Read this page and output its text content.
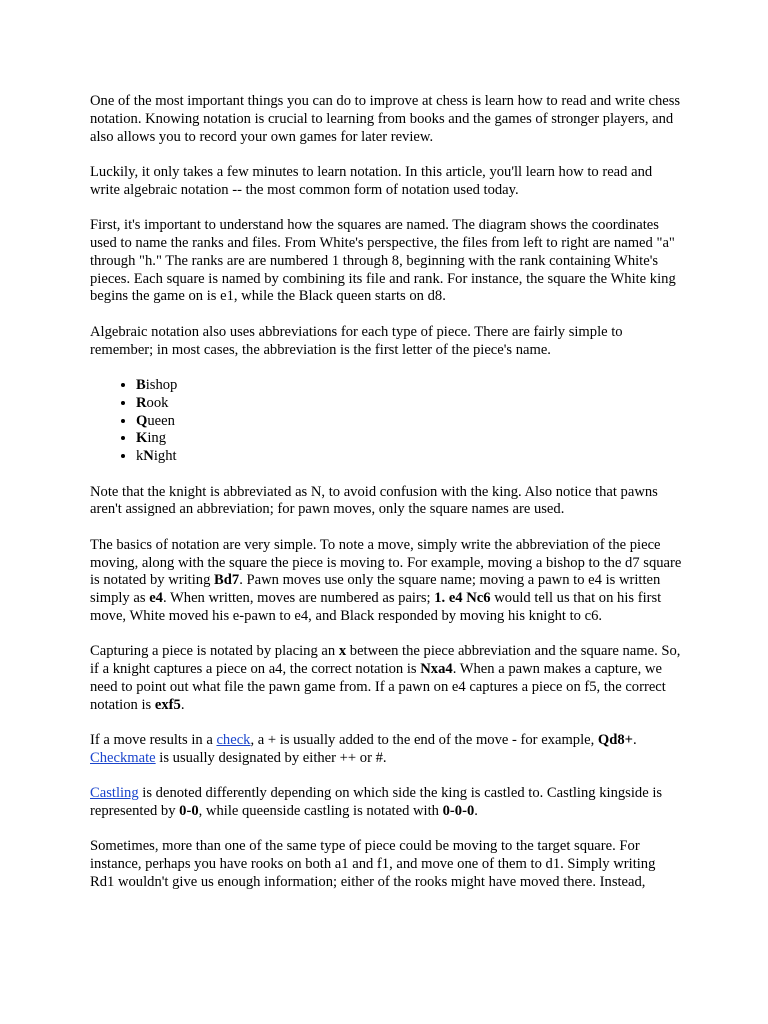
One of the most important things you can do to improve at chess is learn how to read and write chess notation. Knowing notation is crucial to learning from books and the games of stronger players, and also allows you to record your own games for later review.

Luckily, it only takes a few minutes to learn notation. In this article, you'll learn how to read and write algebraic notation -- the most common form of notation used today.

First, it's important to understand how the squares are named. The diagram shows the coordinates used to name the ranks and files. From White's perspective, the files from left to right are named "a" through "h." The ranks are are numbered 1 through 8, beginning with the rank containing White's pieces. Each square is named by combining its file and rank. For instance, the square the White king begins the game on is e1, while the Black queen starts on d8.

Algebraic notation also uses abbreviations for each type of piece. There are fairly simple to remember; in most cases, the abbreviation is the first letter of the piece's name.

• Bishop
• Rook
• Queen
• King
• kNight

Note that the knight is abbreviated as N, to avoid confusion with the king. Also notice that pawns aren't assigned an abbreviation; for pawn moves, only the square names are used.

The basics of notation are very simple. To note a move, simply write the abbreviation of the piece moving, along with the square the piece is moving to. For example, moving a bishop to the d7 square is notated by writing Bd7. Pawn moves use only the square name; moving a pawn to e4 is written simply as e4. When written, moves are numbered as pairs; 1. e4 Nc6 would tell us that on his first move, White moved his e-pawn to e4, and Black responded by moving his knight to c6.

Capturing a piece is notated by placing an x between the piece abbreviation and the square name. So, if a knight captures a piece on a4, the correct notation is Nxa4. When a pawn makes a capture, we need to point out what file the pawn game from. If a pawn on e4 captures a piece on f5, the correct notation is exf5.

If a move results in a check, a + is usually added to the end of the move - for example, Qd8+.
Checkmate is usually designated by either ++ or #.

Castling is denoted differently depending on which side the king is castled to. Castling kingside is represented by 0-0, while queenside castling is notated with 0-0-0.

Sometimes, more than one of the same type of piece could be moving to the target square. For instance, perhaps you have rooks on both a1 and f1, and move one of them to d1. Simply writing Rd1 wouldn't give us enough information; either of the rooks might have moved there. Instead,
